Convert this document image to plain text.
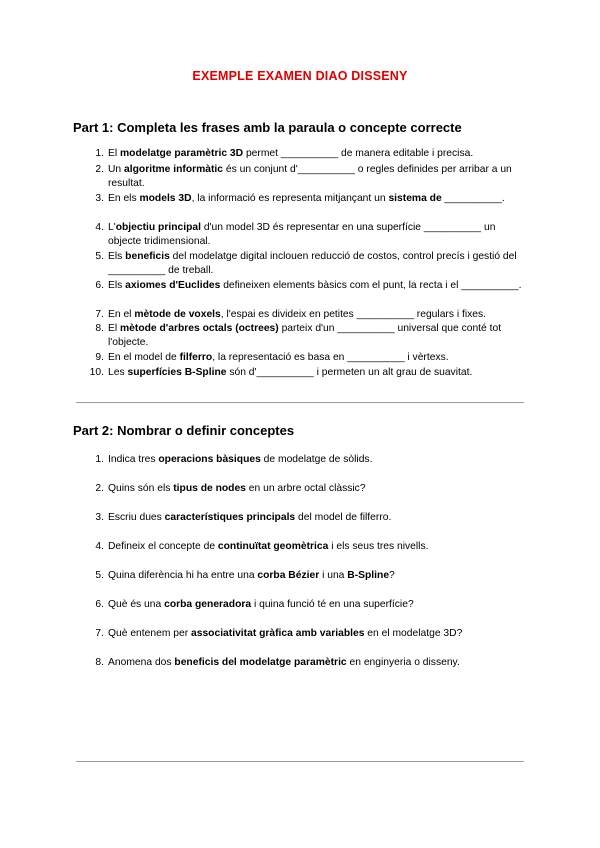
EXEMPLE EXAMEN DIAO DISSENY
Part 1: Completa les frases amb la paraula o concepte correcte
1. El modelatge paramètric 3D permet __________ de manera editable i precisa.
2. Un algoritme informàtic és un conjunt d'__________ o regles definides per arribar a un resultat.
3. En els models 3D, la informació es representa mitjançant un sistema de __________.
4. L'objectiu principal d'un model 3D és representar en una superfície __________ un objecte tridimensional.
5. Els beneficis del modelatge digital inclouen reducció de costos, control precís i gestió del __________ de treball.
6. Els axiomes d'Euclides defineixen elements bàsics com el punt, la recta i el __________.
7. En el mètode de voxels, l'espai es divideix en petites __________ regulars i fixes.
8. El mètode d'arbres octals (octrees) parteix d'un __________ universal que conté tot l'objecte.
9. En el model de filferro, la representació es basa en __________ i vèrtexs.
10. Les superfícies B-Spline són d'__________ i permeten un alt grau de suavitat.
Part 2: Nombrar o definir conceptes
1. Indica tres operacions bàsiques de modelatge de sòlids.
2. Quins són els tipus de nodes en un arbre octal clàssic?
3. Escriu dues característiques principals del model de filferro.
4. Defineix el concepte de continuïtat geomètrica i els seus tres nivells.
5. Quina diferència hi ha entre una corba Bézier i una B-Spline?
6. Què és una corba generadora i quina funció té en una superfície?
7. Què entenem per associativitat gràfica amb variables en el modelatge 3D?
8. Anomena dos beneficis del modelatge paramètric en enginyeria o disseny.
